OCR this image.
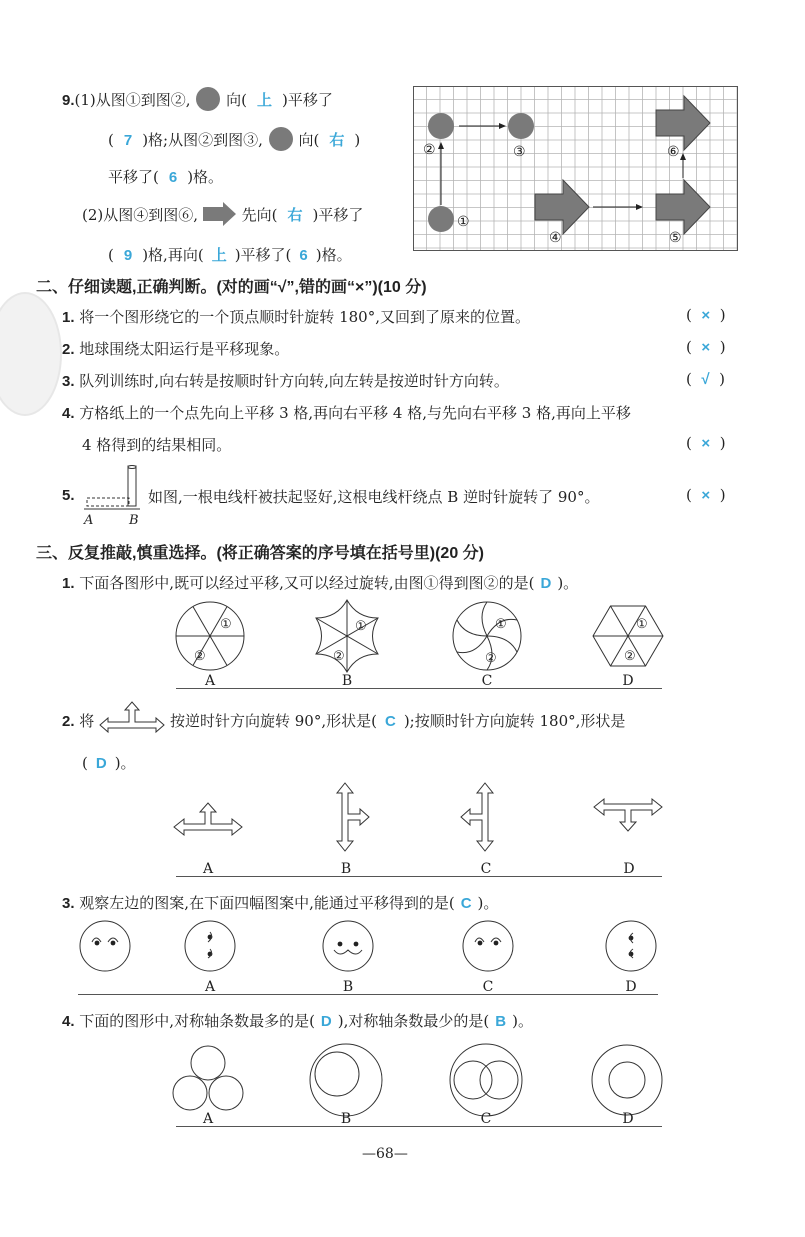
9.(1)从图①到图②, 向( 上 )平移了
( 7 )格;从图②到图③, 向( 右 )
平移了( 6 )格。
(2)从图④到图⑥,	先向( 右 )平移了
( 9 )格,再向( 上 )平移了( 6 )格。
①
②	③
④	⑤
⑥
二、仔细读题,正确判断。(对的画“√”,错的画“×”)(10 分)
1. 将一个图形绕它的一个顶点顺时针旋转 180°,又回到了原来的位置。	(  ×  )
2. 地球围绕太阳运行是平移现象。	(  ×  )
3. 队列训练时,向右转是按顺时针方向转,向左转是按逆时针方向转。	(  √  )
4. 方格纸上的一个点先向上平移 3 格,再向右平移 4 格,与先向右平移 3 格,再向上平移
4 格得到的结果相同。	(  ×  )
5.
A	B
如图,一根电线杆被扶起竖好,这根电线杆绕点 B 逆时针旋转了 90°。	(  ×  )
三、反复推敲,慎重选择。(将正确答案的序号填在括号里)(20 分)
1. 下面各图形中,既可以经过平移,又可以经过旋转,由图①得到图②的是( D )。
①
②
①
②
①
②
①
②
A	B	C	D
2. 将	按逆时针方向旋转 90°,形状是( C );按顺时针方向旋转 180°,形状是
( D )。
A	B	C	D
3. 观察左边的图案,在下面四幅图案中,能通过平移得到的是( C )。
A	B	C	D
4. 下面的图形中,对称轴条数最多的是( D ),对称轴条数最少的是( B )。
A	B	C	D
—68—
